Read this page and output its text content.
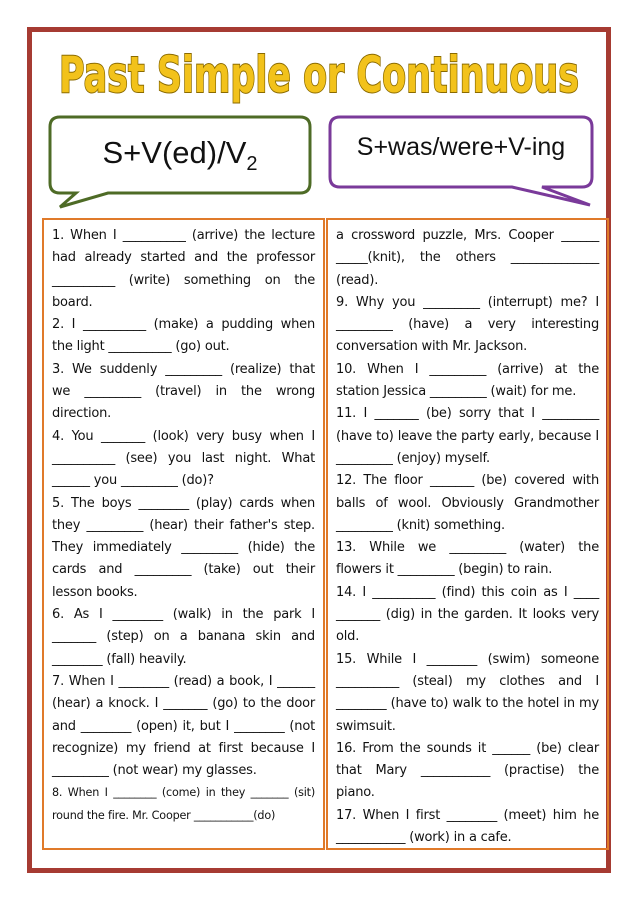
Past Simple or Continuous
$S+V(ed)/V_2$
S+was/were+V-ing

1. When I __________ (arrive) the lecture had already started and the professor __________ (write) something on the board.

2. I __________ (make) a pudding when the light __________ (go) out.

3. We suddenly _________ (realize) that we _________ (travel) in the wrong direction.

4. You _______ (look) very busy when I __________ (see) you last night. What ______ you _________ (do)?

5. The boys ________ (play) cards when they _________ (hear) their father's step. They immediately _________ (hide) the cards and _________ (take) out their lesson books.

6. As I ________ (walk) in the park I _______ (step) on a banana skin and ________ (fall) heavily.

7. When I ________ (read) a book, I ______ (hear) a knock. I _______ (go) to the door and ________ (open) it, but I ________ (not recognize) my friend at first because I _________ (not wear) my glasses.

8. When I ________ (come) in they _______ (sit) round the fire. Mr. Cooper ___________(do)

a crossword puzzle, Mrs. Cooper ______ _____(knit), the others ______________ (read).

9. Why you _________ (interrupt) me? I _________ (have) a very interesting conversation with Mr. Jackson.

10. When I _________ (arrive) at the station Jessica _________ (wait) for me.

11. I _______ (be) sorry that I _________ (have to) leave the party early, because I _________ (enjoy) myself.

12. The floor _______ (be) covered with balls of wool. Obviously Grandmother _________ (knit) something.

13. While we _________ (water) the flowers it _________ (begin) to rain.

14. I __________ (find) this coin as I ____ _______ (dig) in the garden. It looks very old.

15. While I ________ (swim) someone __________ (steal) my clothes and I ________ (have to) walk to the hotel in my swimsuit.

16. From the sounds it ______ (be) clear that Mary ___________ (practise) the piano.

17. When I first ________ (meet) him he ___________ (work) in a cafe.
